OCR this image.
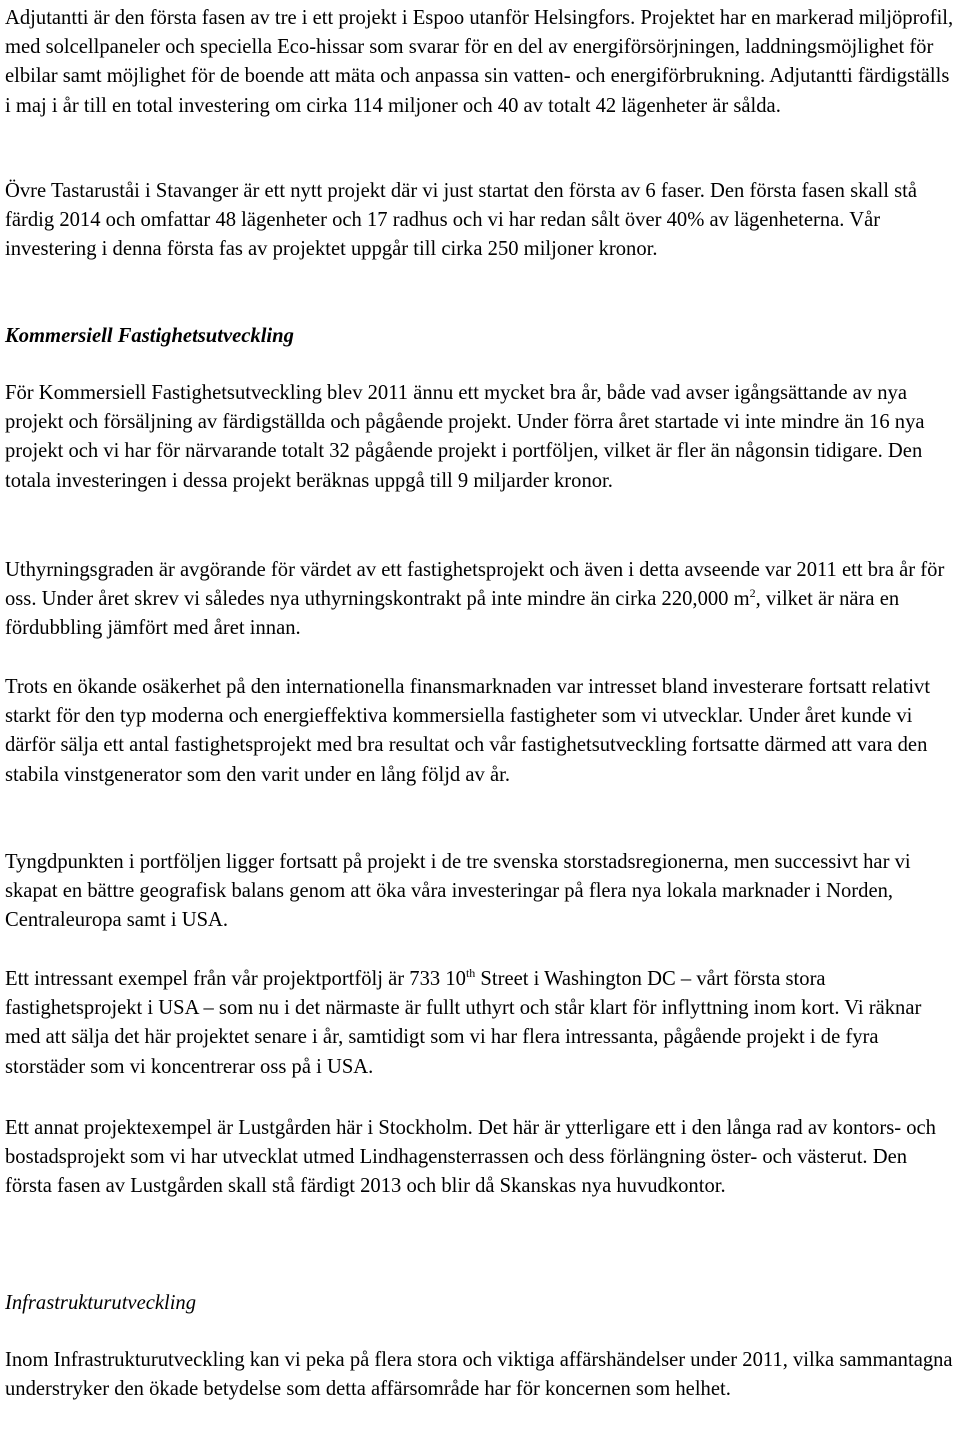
Adjutantti är den första fasen av tre i ett projekt i Espoo utanför Helsingfors. Projektet har en markerad miljöprofil, med solcellpaneler och speciella Eco-hissar som svarar för en del av energiförsörjningen, laddningsmöjlighet för elbilar samt möjlighet för de boende att mäta och anpassa sin vatten- och energiförbrukning. Adjutantti färdigställs i maj i år till en total investering om cirka 114 miljoner och 40 av totalt 42 lägenheter är sålda.

Övre Tastaruståi i Stavanger är ett nytt projekt där vi just startat den första av 6 faser. Den första fasen skall stå färdig 2014 och omfattar 48 lägenheter och 17 radhus och vi har redan sålt över 40% av lägenheterna. Vår investering i denna första fas av projektet uppgår till cirka 250 miljoner kronor.

Kommersiell Fastighetsutveckling

För Kommersiell Fastighetsutveckling blev 2011 ännu ett mycket bra år, både vad avser igångsättande av nya projekt och försäljning av färdigställda och pågående projekt. Under förra året startade vi inte mindre än 16 nya projekt och vi har för närvarande totalt 32 pågående projekt i portföljen, vilket är fler än någonsin tidigare. Den totala investeringen i dessa projekt beräknas uppgå till 9 miljarder kronor.

Uthyrningsgraden är avgörande för värdet av ett fastighetsprojekt och även i detta avseende var 2011 ett bra år för oss. Under året skrev vi således nya uthyrningskontrakt på inte mindre än cirka 220,000 $m^2$, vilket är nära en fördubbling jämfört med året innan.

Trots en ökande osäkerhet på den internationella finansmarknaden var intresset bland investerare fortsatt relativt starkt för den typ moderna och energieffektiva kommersiella fastigheter som vi utvecklar. Under året kunde vi därför sälja ett antal fastighetsprojekt med bra resultat och vår fastighetsutveckling fortsatte därmed att vara den stabila vinstgenerator som den varit under en lång följd av år.

Tyngdpunkten i portföljen ligger fortsatt på projekt i de tre svenska storstadsregionerna, men successivt har vi skapat en bättre geografisk balans genom att öka våra investeringar på flera nya lokala marknader i Norden, Centraleuropa samt i USA.

Ett intressant exempel från vår projektportfölj är 733 10th Street i Washington DC – vårt första stora fastighetsprojekt i USA – som nu i det närmaste är fullt uthyrt och står klart för inflyttning inom kort. Vi räknar med att sälja det här projektet senare i år, samtidigt som vi har flera intressanta, pågående projekt i de fyra storstäder som vi koncentrerar oss på i USA.

Ett annat projektexempel är Lustgården här i Stockholm. Det här är ytterligare ett i den långa rad av kontors- och bostadsprojekt som vi har utvecklat utmed Lindhagensterrassen och dess förlängning öster- och västerut. Den första fasen av Lustgården skall stå färdigt 2013 och blir då Skanskas nya huvudkontor.

Infrastrukturutveckling

Inom Infrastrukturutveckling kan vi peka på flera stora och viktiga affärshändelser under 2011, vilka sammantagna understryker den ökade betydelse som detta affärsområde har för koncernen som helhet.
